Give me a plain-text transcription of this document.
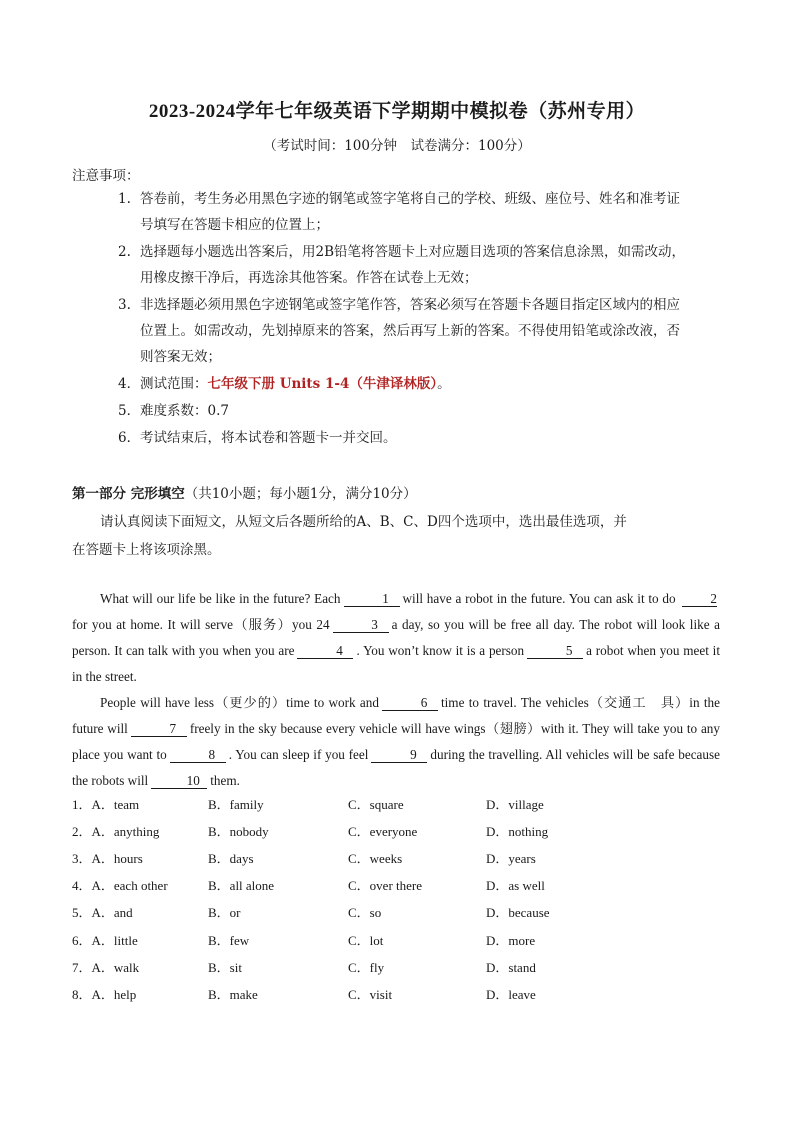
2023-2024学年七年级英语下学期期中模拟卷（苏州专用）
（考试时间：100分钟　试卷满分：100分）
注意事项：
1. 答卷前，考生务必用黑色字迹的钢笔或签字笔将自己的学校、班级、座位号、姓名和准考证
号填写在答题卡相应的位置上；
2. 选择题每小题选出答案后，用2B铅笔将答题卡上对应题目选项的答案信息涂黑，如需改动，
用橡皮擦干净后，再选涂其他答案。作答在试卷上无效；
3. 非选择题必须用黑色字迹钢笔或签字笔作答，答案必须写在答题卡各题目指定区域内的相应
位置上。如需改动，先划掉原来的答案，然后再写上新的答案。不得使用铅笔或涂改液，否
则答案无效；
4．测试范围：七年级下册 Units 1-4（牛津译林版）。
5．难度系数：0.7
6．考试结束后，将本试卷和答题卡一并交回。
第一部分 完形填空（共10小题；每小题1分，满分10分）
请认真阅读下面短文，从短文后各题所给的A、B、C、D四个选项中，选出最佳选项，并
在答题卡上将该项涂黑。

What will our life be like in the future? Each	1 will have a robot in the future. You can ask it to do	2for you at home. It will serve（服务）you 24	3 a day, so you will be free all day. The robot will look like a person. It can talk with you when you are	4 . You won’t know it is a person	5 a robot when you meet it in the street.

People will have less（更少的）time to work and	6 time to travel. The vehicles（交通工　具）in the future will	7 freely in the sky because every vehicle will have wings（翅膀）with it. They will take you to any place you want to	8 . You can sleep if you feel	9 during the travelling. All vehicles will be safe because the robots will	10 them.

1．A．team	B．family	C．square	D．village
2．A．anything	B．nobody	C．everyone	D．nothing
3．A．hours	B．days	C．weeks	D．years
4．A．each other	B．all alone	C．over there	D．as well
5．A．and	B．or	C．so	D．because
6．A．little	B．few	C．lot	D．more
7．A．walk	B．sit	C．fly	D．stand
8．A．help	B．make	C．visit	D．leave
